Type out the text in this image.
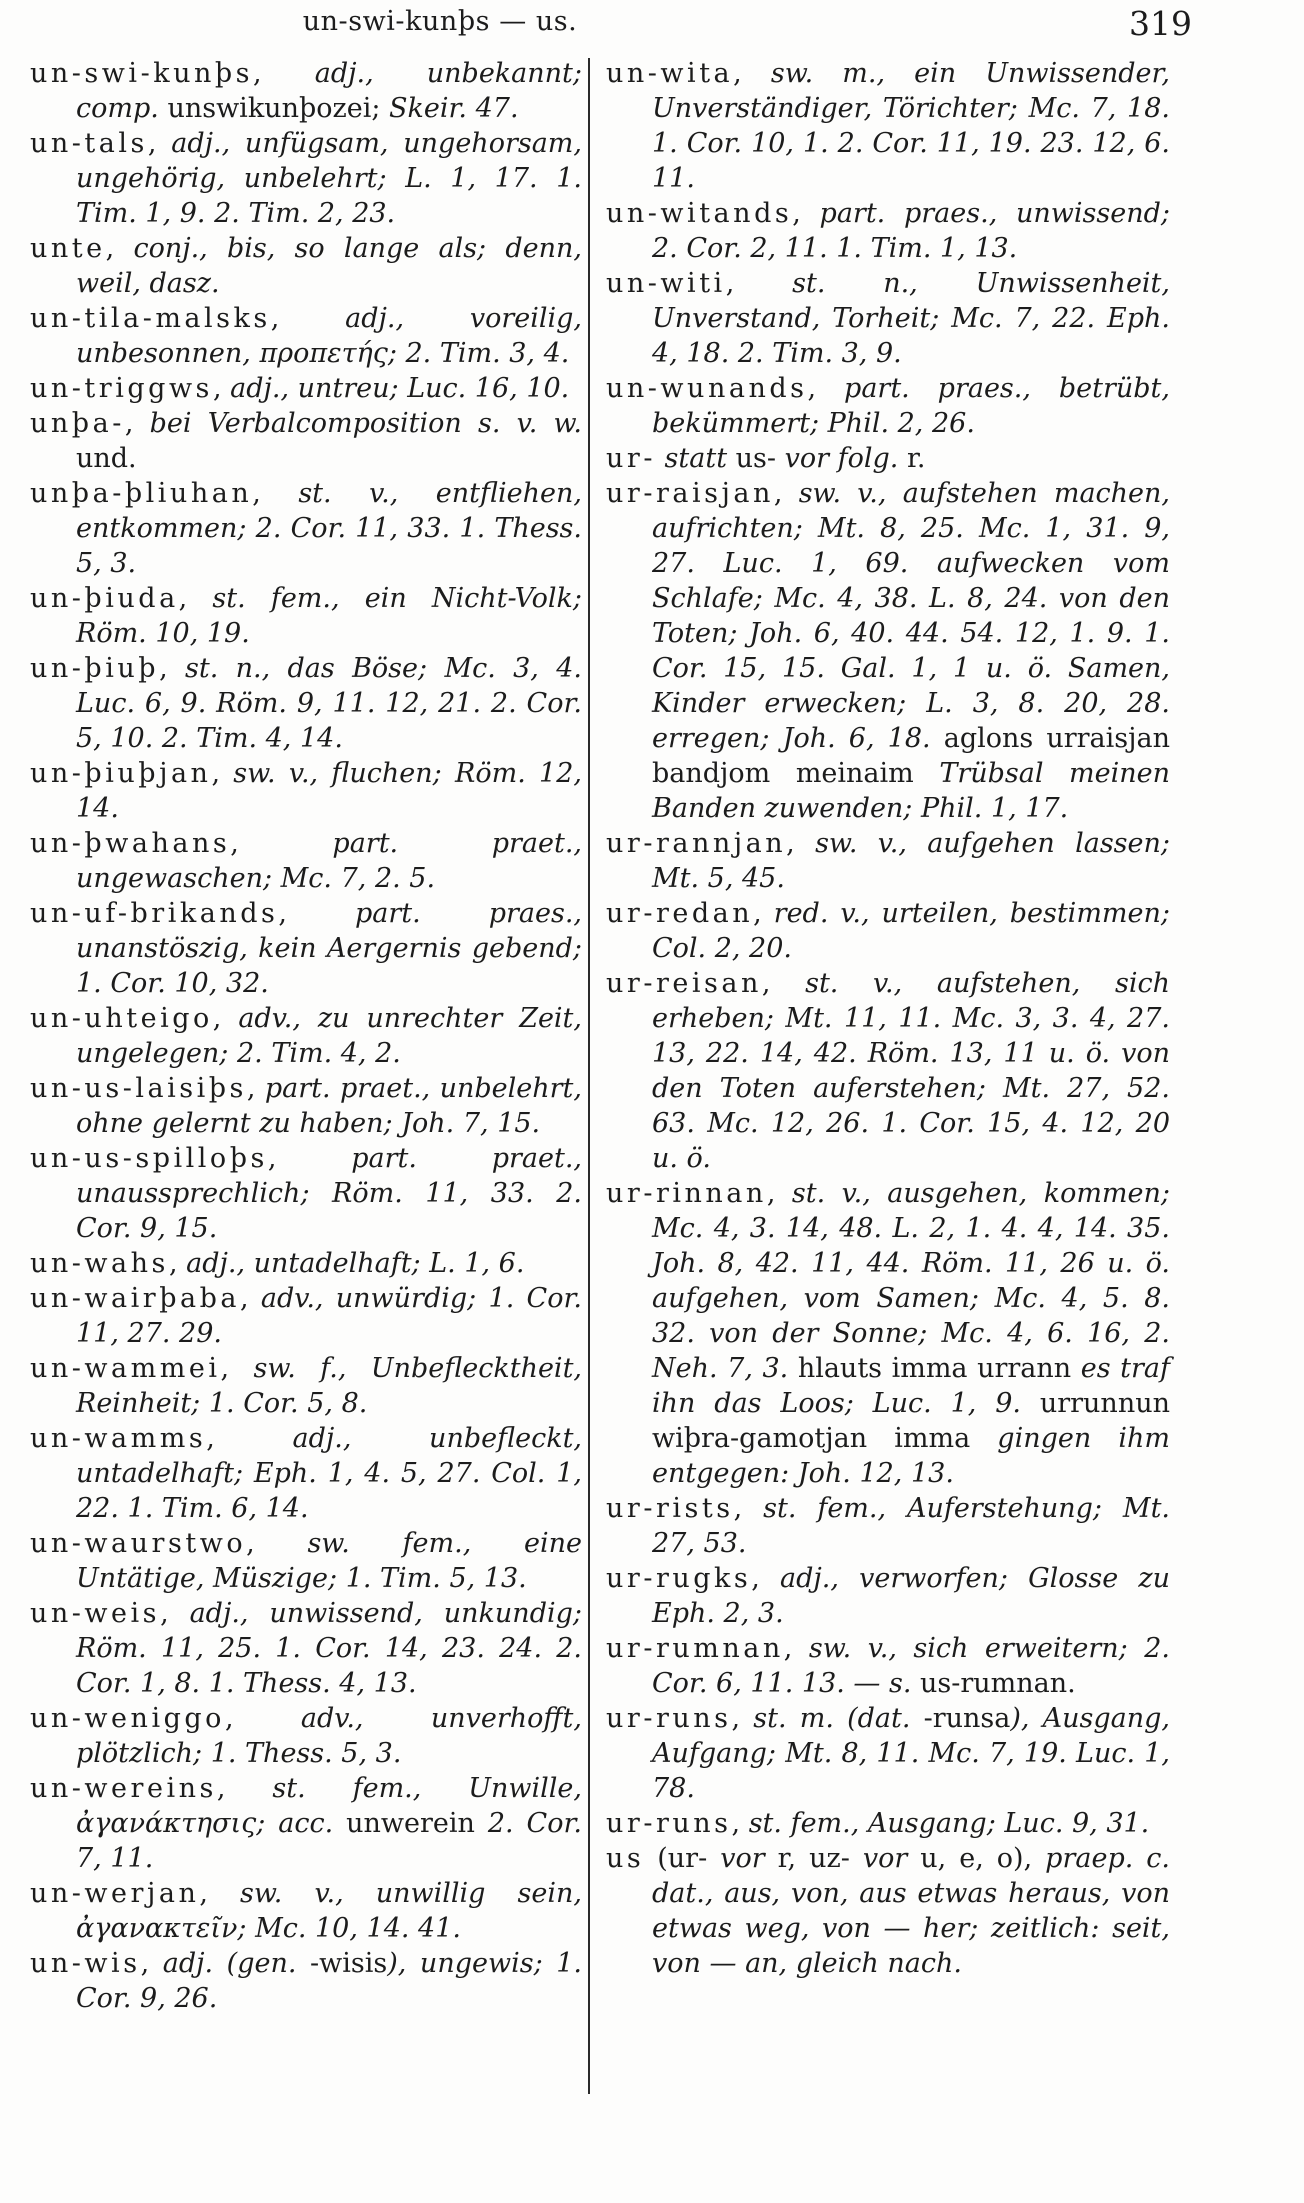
un-swi-kunþs — us.	319

un-swi-kunþs, adj., unbekannt; comp. unswikunþozei; Skeir. 47.

un-tals, adj., unfügsam, ungehorsam, ungehörig, unbelehrt; L. 1, 17. 1. Tim. 1, 9. 2. Tim. 2, 23.

unte, conj., bis, so lange als; denn, weil, dasz.

un-tila-malsks, adj., voreilig, unbesonnen, προπετής; 2. Tim. 3, 4.

un-triggws, adj., untreu; Luc. 16, 10.

unþa-, bei Verbalcomposition s. v. w. und.

unþa-þliuhan, st. v., entfliehen, entkommen; 2. Cor. 11, 33. 1. Thess. 5, 3.

un-þiuda, st. fem., ein Nicht-Volk; Röm. 10, 19.

un-þiuþ, st. n., das Böse; Mc. 3, 4. Luc. 6, 9. Röm. 9, 11. 12, 21. 2. Cor. 5, 10. 2. Tim. 4, 14.

un-þiuþjan, sw. v., fluchen; Röm. 12, 14.

un-þwahans, part. praet., ungewaschen; Mc. 7, 2. 5.

un-uf-brikands, part. praes., unanstöszig, kein Aergernis gebend; 1. Cor. 10, 32.

un-uhteigo, adv., zu unrechter Zeit, ungelegen; 2. Tim. 4, 2.

un-us-laisiþs, part. praet., unbelehrt, ohne gelernt zu haben; Joh. 7, 15.

un-us-spilloþs, part. praet., unaussprechlich; Röm. 11, 33. 2. Cor. 9, 15.

un-wahs, adj., untadelhaft; L. 1, 6.

un-wairþaba, adv., unwürdig; 1. Cor. 11, 27. 29.

un-wammei, sw. f., Unbeflecktheit, Reinheit; 1. Cor. 5, 8.

un-wamms, adj., unbefleckt, untadelhaft; Eph. 1, 4. 5, 27. Col. 1, 22. 1. Tim. 6, 14.

un-waurstwo, sw. fem., eine Untätige, Müszige; 1. Tim. 5, 13.

un-weis, adj., unwissend, unkundig; Röm. 11, 25. 1. Cor. 14, 23. 24. 2. Cor. 1, 8. 1. Thess. 4, 13.

un-weniggo, adv., unverhofft, plötzlich; 1. Thess. 5, 3.

un-wereins, st. fem., Unwille, ἀγανάκτησις; acc. unwerein 2. Cor. 7, 11.

un-werjan, sw. v., unwillig sein, ἀγανακτεῖν; Mc. 10, 14. 41.

un-wis, adj. (gen. -wisis), ungewis; 1. Cor. 9, 26.

un-wita, sw. m., ein Unwissender, Unverständiger, Törichter; Mc. 7, 18. 1. Cor. 10, 1. 2. Cor. 11, 19. 23. 12, 6. 11.

un-witands, part. praes., unwissend; 2. Cor. 2, 11. 1. Tim. 1, 13.

un-witi, st. n., Unwissenheit, Unverstand, Torheit; Mc. 7, 22. Eph. 4, 18. 2. Tim. 3, 9.

un-wunands, part. praes., betrübt, bekümmert; Phil. 2, 26.

ur- statt us- vor folg. r.

ur-raisjan, sw. v., aufstehen machen, aufrichten; Mt. 8, 25. Mc. 1, 31. 9, 27. Luc. 1, 69. aufwecken vom Schlafe; Mc. 4, 38. L. 8, 24. von den Toten; Joh. 6, 40. 44. 54. 12, 1. 9. 1. Cor. 15, 15. Gal. 1, 1 u. ö. Samen, Kinder erwecken; L. 3, 8. 20, 28. erregen; Joh. 6, 18. aglons urraisjan bandjom meinaim Trübsal meinen Banden zuwenden; Phil. 1, 17.

ur-rannjan, sw. v., aufgehen lassen; Mt. 5, 45.

ur-redan, red. v., urteilen, bestimmen; Col. 2, 20.

ur-reisan, st. v., aufstehen, sich erheben; Mt. 11, 11. Mc. 3, 3. 4, 27. 13, 22. 14, 42. Röm. 13, 11 u. ö. von den Toten auferstehen; Mt. 27, 52. 63. Mc. 12, 26. 1. Cor. 15, 4. 12, 20 u. ö.

ur-rinnan, st. v., ausgehen, kommen; Mc. 4, 3. 14, 48. L. 2, 1. 4. 4, 14. 35. Joh. 8, 42. 11, 44. Röm. 11, 26 u. ö. aufgehen, vom Samen; Mc. 4, 5. 8. 32. von der Sonne; Mc. 4, 6. 16, 2. Neh. 7, 3. hlauts imma urrann es traf ihn das Loos; Luc. 1, 9. urrunnun wiþra-gamotjan imma gingen ihm entgegen: Joh. 12, 13.

ur-rists, st. fem., Auferstehung; Mt. 27, 53.

ur-rugks, adj., verworfen; Glosse zu Eph. 2, 3.

ur-rumnan, sw. v., sich erweitern; 2. Cor. 6, 11. 13. — s. us-rumnan.

ur-runs, st. m. (dat. -runsa), Ausgang, Aufgang; Mt. 8, 11. Mc. 7, 19. Luc. 1, 78.

ur-runs, st. fem., Ausgang; Luc. 9, 31.

us (ur- vor r, uz- vor u, e, o), praep. c. dat., aus, von, aus etwas heraus, von etwas weg, von — her; zeitlich: seit, von — an, gleich nach.
